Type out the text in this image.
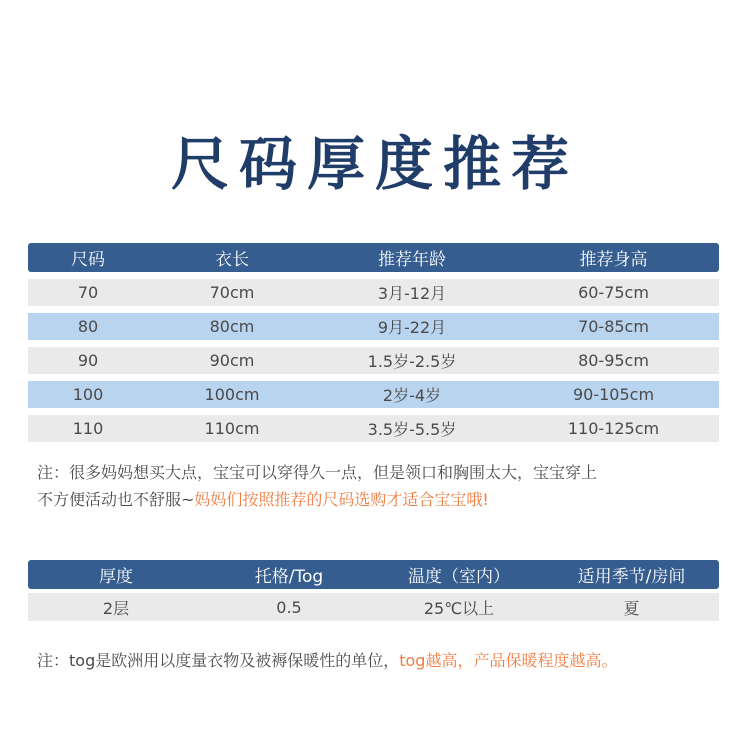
尺码厚度推荐
尺码	衣长	推荐年龄	推荐身高
70	70cm	3月-12月	60-75cm
80	80cm	9月-22月	70-85cm
90	90cm	1.5岁-2.5岁	80-95cm
100	100cm	2岁-4岁	90-105cm
110	110cm	3.5岁-5.5岁	110-125cm
注：很多妈妈想买大点，宝宝可以穿得久一点，但是领口和胸围太大，宝宝穿上
不方便活动也不舒服~妈妈们按照推荐的尺码选购才适合宝宝哦!
厚度	托格/Tog	温度（室内）	适用季节/房间
2层	0.5	25℃以上	夏
注：tog是欧洲用以度量衣物及被褥保暖性的单位，tog越高，产品保暖程度越高。
